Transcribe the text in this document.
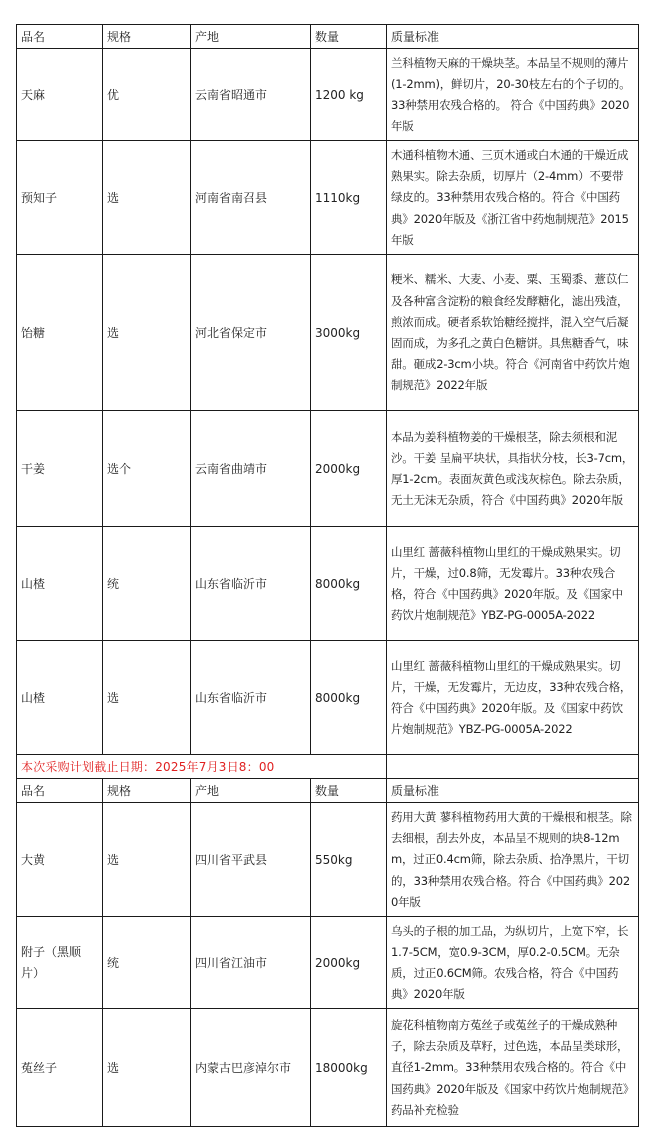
品名	规格	产地	数量	质量标准
天麻	优	云南省昭通市	1200 kg	兰科植物天麻的干燥块茎。本品呈不规则的薄片(1-2mm)，鲜切片，20-30枝左右的个子切的。33种禁用农残合格的。 符合《中国药典》2020年版
预知子	选	河南省南召县	1110kg	木通科植物木通、三页木通或白木通的干燥近成熟果实。除去杂质，切厚片（2-4mm）不要带绿皮的。33种禁用农残合格的。符合《中国药典》2020年版及《浙江省中药炮制规范》2015年版
饴糖	选	河北省保定市	3000kg	粳米、糯米、大麦、小麦、粟、玉蜀黍、薏苡仁及各种富含淀粉的粮食经发酵糖化，滤出残渣，煎浓而成。硬者系软饴糖经搅拌，混入空气后凝固而成，为多孔之黄白色糖饼。具焦糖香气，味甜。砸成2-3cm小块。符合《河南省中药饮片炮制规范》2022年版
干姜	选个	云南省曲靖市	2000kg	本品为姜科植物姜的干燥根茎，除去须根和泥沙。干姜 呈扁平块状，具指状分枝，长3-7cm，厚1-2cm。表面灰黄色或浅灰棕色。除去杂质，无土无沫无杂质，符合《中国药典》2020年版
山楂	统	山东省临沂市	8000kg	山里红 蔷薇科植物山里红的干燥成熟果实。切片，干燥，过0.8筛，无发霉片。33种农残合格，符合《中国药典》2020年版。及《国家中药饮片炮制规范》YBZ-PG-0005A-2022
山楂	选	山东省临沂市	8000kg	山里红 蔷薇科植物山里红的干燥成熟果实。切片，干燥，无发霉片，无边皮，33种农残合格，符合《中国药典》2020年版。及《国家中药饮片炮制规范》YBZ-PG-0005A-2022
本次采购计划截止日期：2025年7月3日8：00				
品名	规格	产地	数量	质量标准
大黄	选	四川省平武县	550kg	药用大黄 蓼科植物药用大黄的干燥根和根茎。除去细根，刮去外皮，本品呈不规则的块8-12mm，过正0.4cm筛，除去杂质、拾净黑片，干切的，33种禁用农残合格。符合《中国药典》2020年版
附子（黑顺片）	统	四川省江油市	2000kg	乌头的子根的加工品，为纵切片，上宽下窄，长1.7-5CM，宽0.9-3CM，厚0.2-0.5CM。无杂质，过正0.6CM筛。农残合格，符合《中国药典》2020年版
菟丝子	选	内蒙古巴彦淖尔市	18000kg	旋花科植物南方菟丝子或菟丝子的干燥成熟种子，除去杂质及草籽，过色选，本品呈类球形，直径1-2mm。33种禁用农残合格的。符合《中国药典》2020年版及《国家中药饮片炮制规范》药品补充检验
